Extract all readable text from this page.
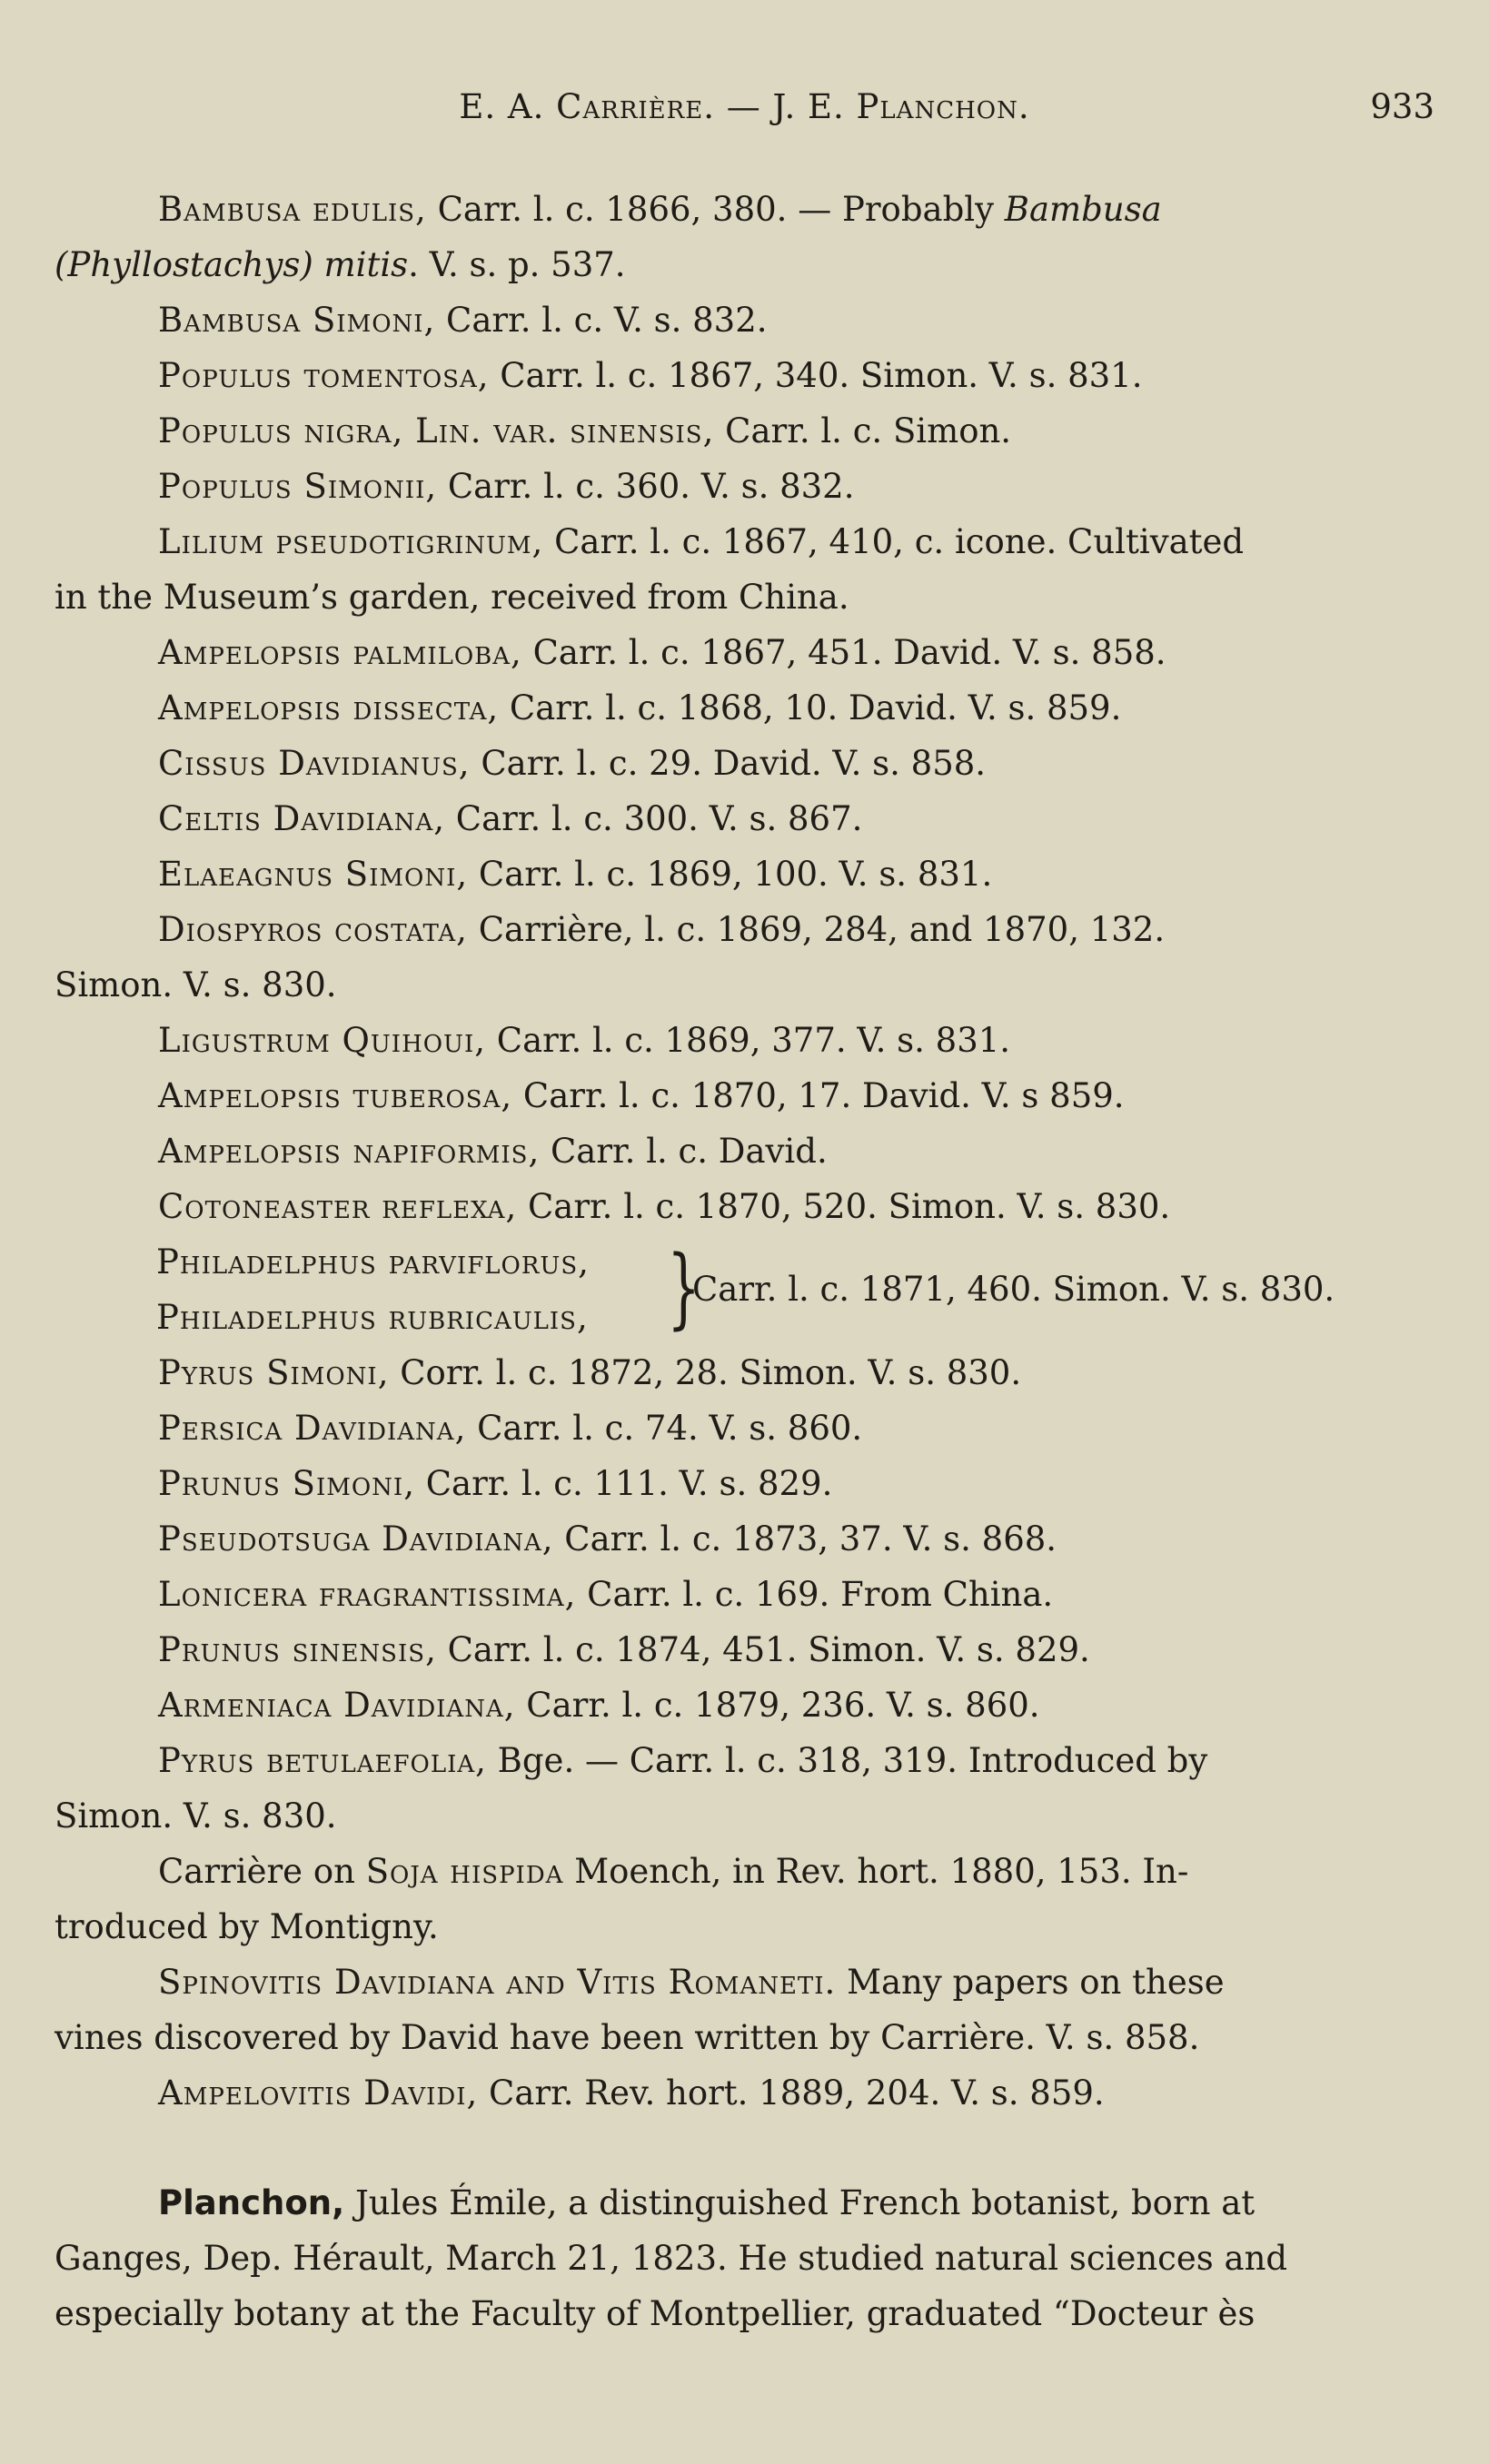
E. A. Carrière. — J. E. Planchon.	933
Bambusa edulis, Carr. l. c. 1866, 380. — Probably Bambusa
(Phyllostachys) mitis. V. s. p. 537.
Bambusa Simoni, Carr. l. c. V. s. 832.
Populus tomentosa, Carr. l. c. 1867, 340. Simon. V. s. 831.
Populus nigra, Lin. var. sinensis, Carr. l. c. Simon.
Populus Simonii, Carr. l. c. 360. V. s. 832.
Lilium pseudotigrinum, Carr. l. c. 1867, 410, c. icone. Cultivated
in the Museum’s garden, received from China.
Ampelopsis palmiloba, Carr. l. c. 1867, 451. David. V. s. 858.
Ampelopsis dissecta, Carr. l. c. 1868, 10. David. V. s. 859.
Cissus Davidianus, Carr. l. c. 29. David. V. s. 858.
Celtis Davidiana, Carr. l. c. 300. V. s. 867.
Elaeagnus Simoni, Carr. l. c. 1869, 100. V. s. 831.
Diospyros costata, Carrière, l. c. 1869, 284, and 1870, 132.
Simon. V. s. 830.
Ligustrum Quihoui, Carr. l. c. 1869, 377. V. s. 831.
Ampelopsis tuberosa, Carr. l. c. 1870, 17. David. V. s 859.
Ampelopsis napiformis, Carr. l. c. David.
Cotoneaster reflexa, Carr. l. c. 1870, 520. Simon. V. s. 830.
Philadelphus parviflorus,
Philadelphus rubricaulis, }
Carr. l. c. 1871, 460. Simon. V. s. 830.
Pyrus Simoni, Corr. l. c. 1872, 28. Simon. V. s. 830.
Persica Davidiana, Carr. l. c. 74. V. s. 860.
Prunus Simoni, Carr. l. c. 111. V. s. 829.
Pseudotsuga Davidiana, Carr. l. c. 1873, 37. V. s. 868.
Lonicera fragrantissima, Carr. l. c. 169. From China.
Prunus sinensis, Carr. l. c. 1874, 451. Simon. V. s. 829.
Armeniaca Davidiana, Carr. l. c. 1879, 236. V. s. 860.
Pyrus betulaefolia, Bge. — Carr. l. c. 318, 319. Introduced by
Simon. V. s. 830.
Carrière on Soja hispida Moench, in Rev. hort. 1880, 153. In-
troduced by Montigny.
Spinovitis Davidiana and Vitis Romaneti. Many papers on these
vines discovered by David have been written by Carrière. V. s. 858.
Ampelovitis Davidi, Carr. Rev. hort. 1889, 204. V. s. 859.
Planchon, Jules Émile, a distinguished French botanist, born at
Ganges, Dep. Hérault, March 21, 1823. He studied natural sciences and
especially botany at the Faculty of Montpellier, graduated “Docteur ès
